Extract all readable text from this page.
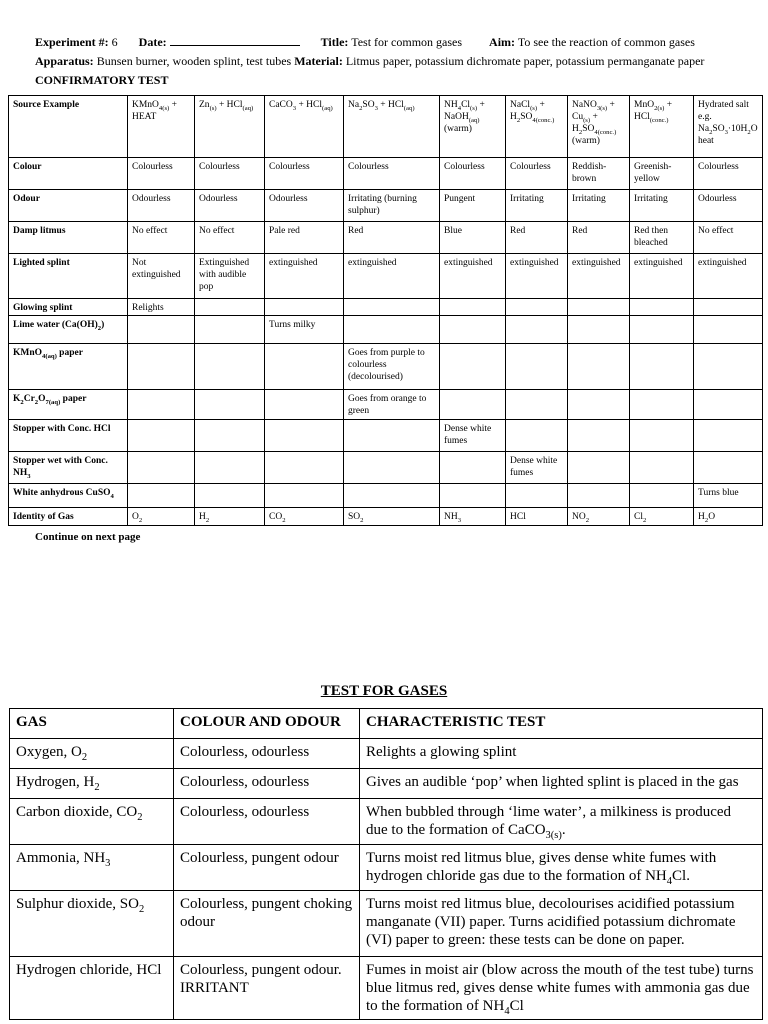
Experiment #: 6 Date:	Title: Test for common gases Aim: To see the reaction of common gases
Apparatus: Bunsen burner, wooden splint, test tubes Material: Litmus paper, potassium dichromate paper, potassium permanganate paper
CONFIRMATORY TEST
Source Example	KMnO$_{4(s)}$ + HEAT	$Zn_{(s)} + HCl_{(aq)}$	CaCO$_3$ + HCl$_{(aq)}$	$Na_2SO_3 + HCl_{(aq)}$	$NH_4Cl_{(s)}$ + NaOH$_{(aq)}$ (warm)	NaCl$_{(s)}$ + $H_2SO_{4(conc.)}$	NaNO$_{3(s)}$ + $Cu_{(s)} + H_2SO_{4(conc.)}$ (warm)	MnO$_{2(s)}$ + HCl$_{(conc.)}$	Hydrated salt e.g. $Na_2SO_3\cdot 10H_2O$ heat
Colour	Colourless	Colourless	Colourless	Colourless	Colourless	Colourless	Reddish-brown	Greenish-yellow	Colourless
Odour	Odourless	Odourless	Odourless	Irritating (burning sulphur)	Pungent	Irritating	Irritating	Irritating	Odourless
Damp litmus	No effect	No effect	Pale red	Red	Blue	Red	Red	Red then bleached	No effect
Lighted splint	Not extinguished	Extinguished with audible pop	extinguished	extinguished	extinguished	extinguished	extinguished	extinguished	extinguished
Glowing splint	Relights								
Lime water $(Ca(OH)_2)$			Turns milky						
KMnO$_{4(aq)}$ paper				Goes from purple to colourless (decolourised)					
$K_2Cr_2O_{7(aq)}$ paper				Goes from orange to green					
Stopper with Conc. HCl					Dense white fumes				
Stopper wet with Conc. $NH_3$						Dense white fumes			
White anhydrous CuSO$_4$									Turns blue
Identity of Gas	$O_2$	$H_2$	$CO_2$	$SO_2$	$NH_3$	HCl	$NO_2$	$Cl_2$	$H_2O$
Continue on next page
TEST FOR GASES
GAS	COLOUR AND ODOUR	CHARACTERISTIC TEST
Oxygen, $O_2$	Colourless, odourless	Relights a glowing splint
Hydrogen, $H_2$	Colourless, odourless	Gives an audible ‘pop’ when lighted splint is placed in the gas
Carbon dioxide, $CO_2$	Colourless, odourless	When bubbled through ‘lime water’, a milkiness is produced due to the formation of CaCO$_{3(s)}$.
Ammonia, $NH_3$	Colourless, pungent odour	Turns moist red litmus blue, gives dense white fumes with hydrogen chloride gas due to the formation of $NH_4Cl$.
Sulphur dioxide, $SO_2$	Colourless, pungent choking odour	Turns moist red litmus blue, decolourises acidified potassium manganate (VII) paper. Turns acidified potassium dichromate (VI) paper to green: these tests can be done on paper.
Hydrogen chloride, HCl	Colourless, pungent odour. IRRITANT	Fumes in moist air (blow across the mouth of the test tube) turns blue litmus red, gives dense white fumes with ammonia gas due to the formation of $NH_4Cl$
